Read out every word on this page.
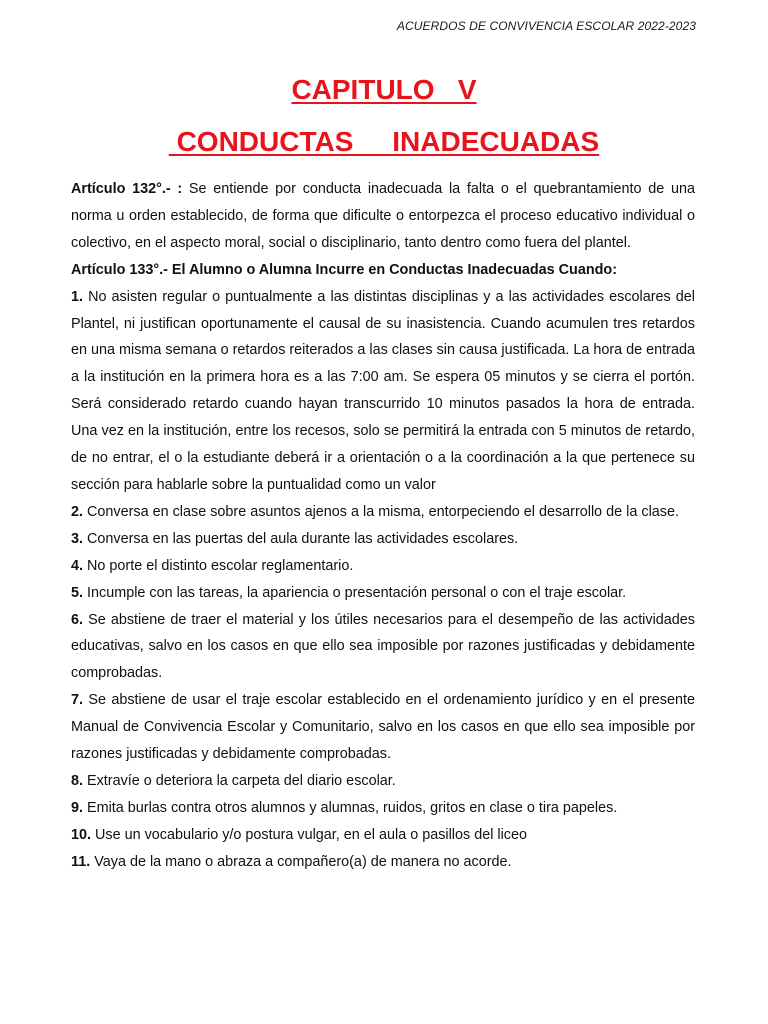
ACUERDOS DE CONVIVENCIA ESCOLAR 2022-2023
CAPITULO   V
CONDUCTAS     INADECUADAS

Artículo 132°.- : Se entiende por conducta inadecuada la falta o el quebrantamiento de una norma u orden establecido, de forma que dificulte o entorpezca el proceso educativo individual o colectivo, en el aspecto moral, social o disciplinario, tanto dentro como fuera del plantel.

Artículo 133°.- El Alumno o Alumna Incurre en Conductas Inadecuadas Cuando:

1. No asisten regular o puntualmente a las distintas disciplinas y a las actividades escolares del Plantel, ni justifican oportunamente el causal de su inasistencia. Cuando acumulen tres retardos en una misma semana o retardos reiterados a las clases sin causa justificada. La hora de entrada a la institución en la primera hora es a las 7:00 am. Se espera 05 minutos y se cierra el portón. Será considerado retardo cuando hayan transcurrido 10 minutos pasados la hora de entrada. Una vez en la institución, entre los recesos, solo se permitirá la entrada con 5 minutos de retardo, de no entrar, el o la estudiante deberá ir a orientación o a la coordinación a la que pertenece su sección para hablarle sobre la puntualidad como un valor

2. Conversa en clase sobre asuntos ajenos a la misma, entorpeciendo el desarrollo de la clase.

3. Conversa en las puertas del aula durante las actividades escolares.

4. No porte el distinto escolar reglamentario.

5. Incumple con las tareas, la apariencia o presentación personal o con el traje escolar.

6. Se abstiene de traer el material y los útiles necesarios para el desempeño de las actividades educativas, salvo en los casos en que ello sea imposible por razones justificadas y debidamente comprobadas.

7. Se abstiene de usar el traje escolar establecido en el ordenamiento jurídico y en el presente Manual de Convivencia Escolar y Comunitario, salvo en los casos en que ello sea imposible por razones justificadas y debidamente comprobadas.

8. Extravíe o deteriora la carpeta del diario escolar.

9. Emita burlas contra otros alumnos y alumnas, ruidos, gritos en clase o tira papeles.

10. Use un vocabulario y/o postura vulgar, en el aula o pasillos del liceo

11. Vaya de la mano o abraza a compañero(a) de manera no acorde.
